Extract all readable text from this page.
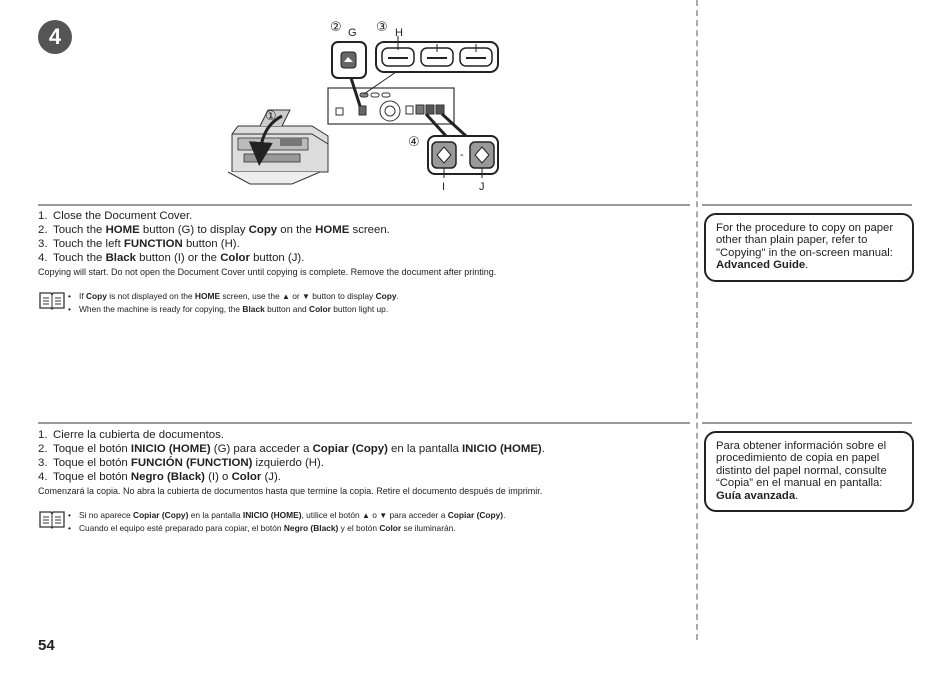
4
①
② G ③ H
-
④
I	J
1. Close the Document Cover.
2. Touch the HOME button (G) to display Copy on the HOME screen.
3. Touch the left FUNCTION button (H).
4. Touch the Black button (I) or the Color button (J).
Copying will start. Do not open the Document Cover until copying is complete. Remove the document after printing.
• If Copy is not displayed on the HOME screen, use the ▲ or ▼ button to display Copy.
• When the machine is ready for copying, the Black button and Color button light up.
For the procedure to copy on paper other than plain paper, refer to "Copying" in the on-screen manual: Advanced Guide.
1. Cierre la cubierta de documentos.
2. Toque el botón INICIO (HOME) (G) para acceder a Copiar (Copy) en la pantalla INICIO (HOME).
3. Toque el botón FUNCIÓN (FUNCTION) izquierdo (H).
4. Toque el botón Negro (Black) (I) o Color (J).
Comenzará la copia. No abra la cubierta de documentos hasta que termine la copia. Retire el documento después de imprimir.
• Si no aparece Copiar (Copy) en la pantalla INICIO (HOME), utilice el botón ▲ o ▼ para acceder a Copiar (Copy).
• Cuando el equipo esté preparado para copiar, el botón Negro (Black) y el botón Color se iluminarán.
Para obtener información sobre el procedimiento de copia en papel distinto del papel normal, consulte “Copia” en el manual en pantalla: Guía avanzada.
54
